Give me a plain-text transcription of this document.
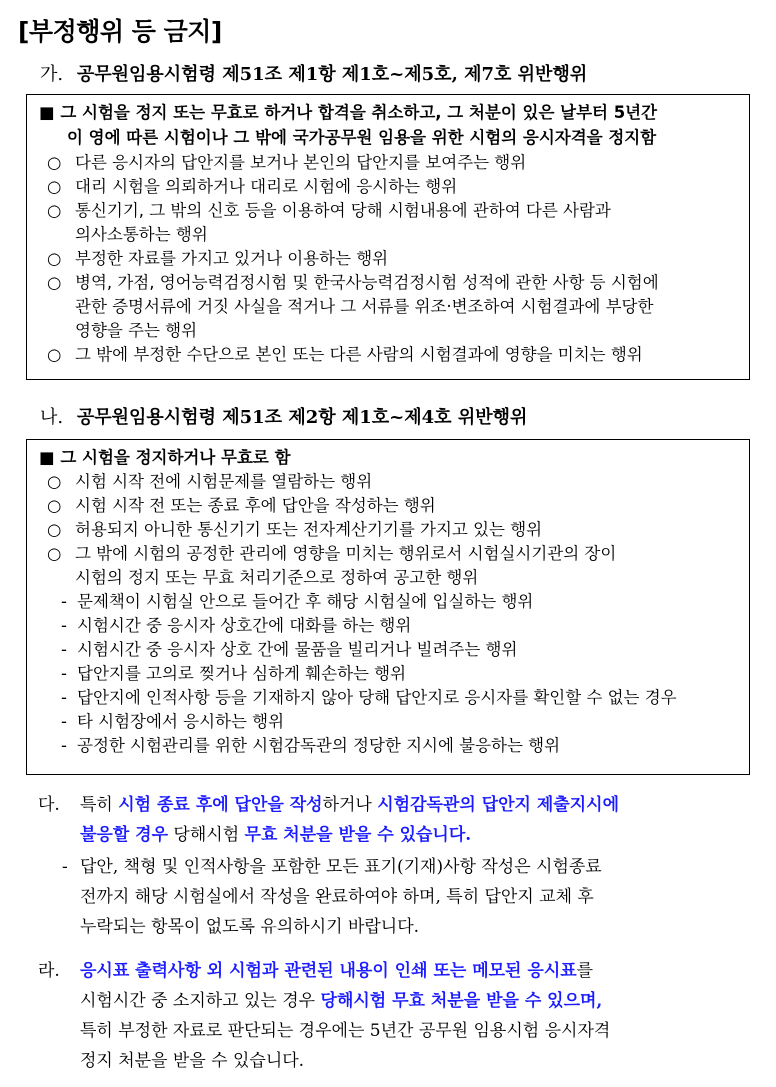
[부정행위 등 금지]
가. 공무원임용시험령 제51조 제1항 제1호~제5호, 제7호 위반행위
■ 그 시험을 정지 또는 무효로 하거나 합격을 취소하고, 그 처분이 있은 날부터 5년간
이 영에 따른 시험이나 그 밖에 국가공무원 임용을 위한 시험의 응시자격을 정지함
○ 다른 응시자의 답안지를 보거나 본인의 답안지를 보여주는 행위
○ 대리 시험을 의뢰하거나 대리로 시험에 응시하는 행위
○ 통신기기, 그 밖의 신호 등을 이용하여 당해 시험내용에 관하여 다른 사람과
의사소통하는 행위
○ 부정한 자료를 가지고 있거나 이용하는 행위
○ 병역, 가점, 영어능력검정시험 및 한국사능력검정시험 성적에 관한 사항 등 시험에
관한 증명서류에 거짓 사실을 적거나 그 서류를 위조·변조하여 시험결과에 부당한
영향을 주는 행위
○ 그 밖에 부정한 수단으로 본인 또는 다른 사람의 시험결과에 영향을 미치는 행위
나. 공무원임용시험령 제51조 제2항 제1호~제4호 위반행위
■ 그 시험을 정지하거나 무효로 함
○ 시험 시작 전에 시험문제를 열람하는 행위
○ 시험 시작 전 또는 종료 후에 답안을 작성하는 행위
○ 허용되지 아니한 통신기기 또는 전자계산기기를 가지고 있는 행위
○ 그 밖에 시험의 공정한 관리에 영향을 미치는 행위로서 시험실시기관의 장이
시험의 정지 또는 무효 처리기준으로 정하여 공고한 행위
- 문제책이 시험실 안으로 들어간 후 해당 시험실에 입실하는 행위
- 시험시간 중 응시자 상호간에 대화를 하는 행위
- 시험시간 중 응시자 상호 간에 물품을 빌리거나 빌려주는 행위
- 답안지를 고의로 찢거나 심하게 훼손하는 행위
- 답안지에 인적사항 등을 기재하지 않아 당해 답안지로 응시자를 확인할 수 없는 경우
- 타 시험장에서 응시하는 행위
- 공정한 시험관리를 위한 시험감독관의 정당한 지시에 불응하는 행위
다. 특히 시험 종료 후에 답안을 작성하거나 시험감독관의 답안지 제출지시에
불응할 경우 당해시험 무효 처분을 받을 수 있습니다.
- 답안, 책형 및 인적사항을 포함한 모든 표기(기재)사항 작성은 시험종료
전까지 해당 시험실에서 작성을 완료하여야 하며, 특히 답안지 교체 후
누락되는 항목이 없도록 유의하시기 바랍니다.
라. 응시표 출력사항 외 시험과 관련된 내용이 인쇄 또는 메모된 응시표를
시험시간 중 소지하고 있는 경우 당해시험 무효 처분을 받을 수 있으며,
특히 부정한 자료로 판단되는 경우에는 5년간 공무원 임용시험 응시자격
정지 처분을 받을 수 있습니다.
